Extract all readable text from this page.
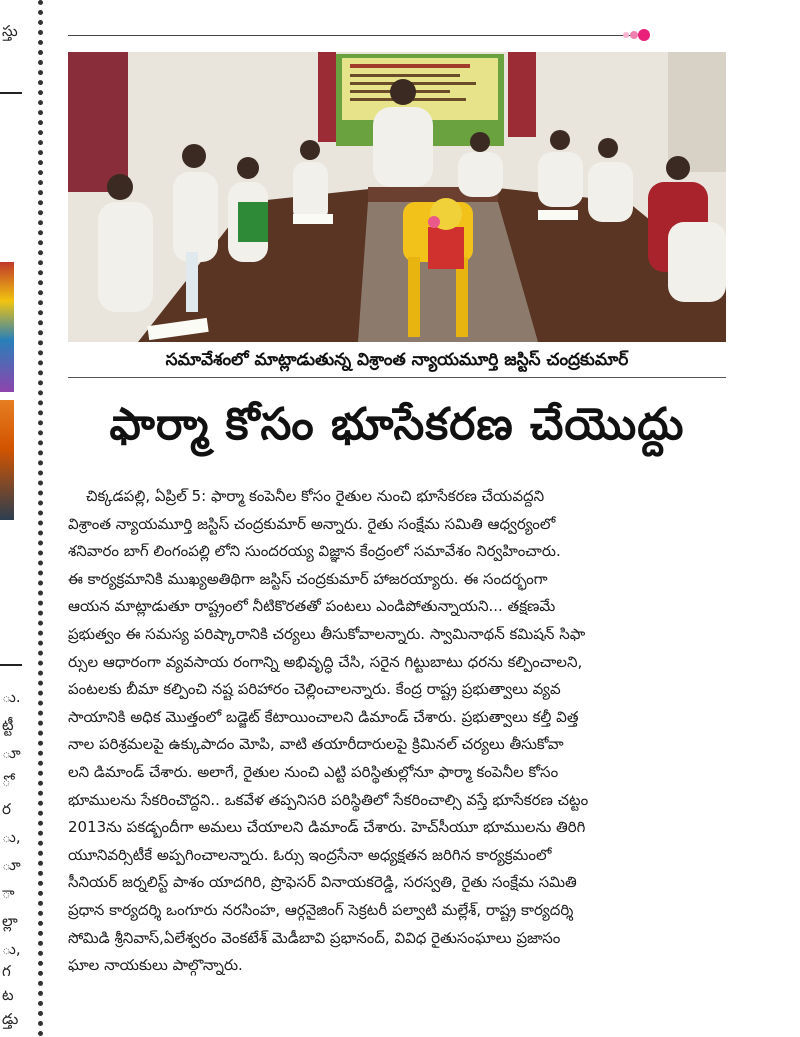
స్తు
ు.
ట్టీ
ూ
ో
ర
ు,
ూ
ా
ల్లా
ు,
గ
ట
డ్తు
సమావేశంలో మాట్లాడుతున్న విశ్రాంత న్యాయమూర్తి జస్టిస్ చంద్రకుమార్
ఫార్మా కోసం భూసేకరణ చేయొద్దు
చిక్కడపల్లి, ఏప్రిల్ 5: ఫార్మా కంపెనీల కోసం రైతుల నుంచి భూసేకరణ చేయవద్దని
విశ్రాంత న్యాయమూర్తి జస్టిస్ చంద్రకుమార్ అన్నారు. రైతు సంక్షేమ సమితి ఆధ్వర్యంలో
శనివారం బాగ్ లింగంపల్లి లోని సుందరయ్య విజ్ఞాన కేంద్రంలో సమావేశం నిర్వహించారు.
ఈ కార్యక్రమానికి ముఖ్యఅతిథిగా జస్టిస్ చంద్రకుమార్ హాజరయ్యారు. ఈ సందర్భంగా
ఆయన మాట్లాడుతూ రాష్ట్రంలో నీటికొరతతో పంటలు ఎండిపోతున్నాయని... తక్షణమే
ప్రభుత్వం ఈ సమస్య పరిష్కారానికి చర్యలు తీసుకోవాలన్నారు. స్వామినాథన్ కమిషన్ సిఫా
ర్సుల ఆధారంగా వ్యవసాయ రంగాన్ని అభివృద్ధి చేసి, సరైన గిట్టుబాటు ధరను కల్పించాలని,
పంటలకు బీమా కల్పించి నష్ట పరిహారం చెల్లించాలన్నారు. కేంద్ర రాష్ట్ర ప్రభుత్వాలు వ్యవ
సాయానికి అధిక మొత్తంలో బడ్జెట్ కేటాయించాలని డిమాండ్ చేశారు. ప్రభుత్వాలు కల్తీ విత్త
నాల పరిశ్రమలపై ఉక్కుపాదం మోపి, వాటి తయారీదారులపై క్రిమినల్ చర్యలు తీసుకోవా
లని డిమాండ్ చేశారు. అలాగే, రైతుల నుంచి ఎట్టి పరిస్థితుల్లోనూ ఫార్మా కంపెనీల కోసం
భూములను సేకరించొద్దని.. ఒకవేళ తప్పనిసరి పరిస్థితిలో సేకరించాల్సి వస్తే భూసేకరణ చట్టం
2013ను పకడ్బందీగా అమలు చేయాలని డిమాండ్ చేశారు. హెచ్‌సీయూ భూములను తిరిగి
యూనివర్సిటీకే అప్పగించాలన్నారు. ఓర్సు ఇంద్రసేనా అధ్యక్షతన జరిగిన కార్యక్రమంలో
సీనియర్ జర్నలిస్ట్ పాశం యాదగిరి, ప్రొఫెసర్ వినాయకరెడ్డి, సరస్వతి, రైతు సంక్షేమ సమితి
ప్రధాన కార్యదర్శి ఒంగూరు నరసింహ, ఆర్గనైజింగ్ సెక్రటరీ పల్వాటి మల్లేశ్, రాష్ట్ర కార్యదర్శి
సోమిడి శ్రీనివాస్,ఏలేశ్వరం వెంకటేశ్ మెడీబావి ప్రభానంద్, వివిధ రైతుసంఘాలు ప్రజాసం
ఘాల నాయకులు పాల్గొన్నారు.
